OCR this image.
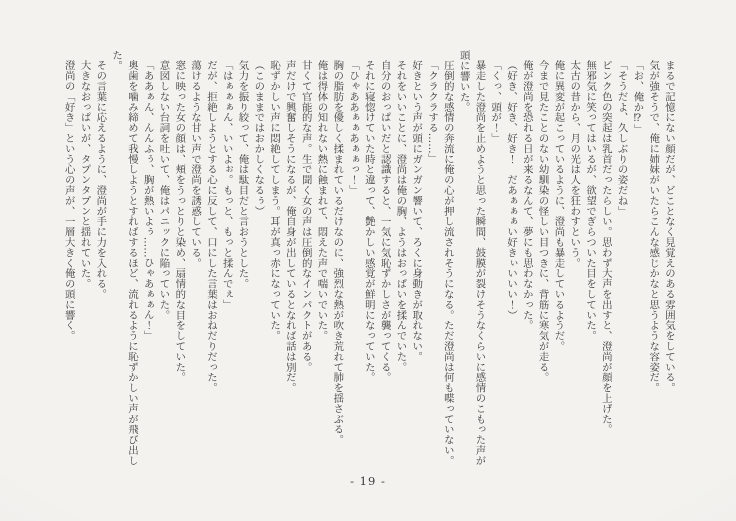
まるで記憶にない顔だが、どことなく見覚えのある雰囲気をしている。

気が強そうで、俺に姉妹がいたらこんな感じかなと思うような容姿だ。

「お、俺か⁉」

「そうだよ、久しぶりの姿だね」

ピンク色の突起は乳首だったらしい。思わず大声を出すと、澄尚が顔を上げた。

無邪気に笑ってはいるが、欲望でぎらついた目をしていた。

太古の昔から、月の光は人を狂わすという。

俺に異変が起こっているように、澄尚も暴走しているようだ。

今まで見たことのない幼馴染の怪しい目つきに、背筋に寒気が走る。

俺が澄尚を恐れる日が来るなんて、夢にも思わなかった。

（好き、好き、好き！　だあぁぁぁい好きぃいいい！）

「くっ、頭が！」

暴走した澄尚を止めようと思った瞬間、鼓膜が裂けそうなくらいに感情のこもった声が頭に響いた。

圧倒的な感情の奔流に俺の心が押し流されそうになる。ただ澄尚は何も喋っていない。

「クラクラする……」

好きという声が頭にガンガン響いて、ろくに身動きが取れない。

それをいいことに、澄尚は俺の胸、ようはおっぱいを揉んでいた。

自分のおっぱいだと認識すると、一気に気恥ずかしさが襲ってくる。

それに寝惚けていた時と違って、艶かしい感覚が鮮明になっていた。

「ひゃああぁぁあぁぁっ！」

胸の脂肪を優しく揉まれているだけなのに、強烈な熱が吹き荒れて肺を揺さぶる。

俺は得体の知れない熱に蝕まれて、悶えた声で喘いでいた。

甘くて官能的な声。生で聞く女の声は圧倒的なインパクトがある。

声だけで興奮しそうになるが、俺自身が出しているとなれば話は別だ。

恥ずかしい声に悶絶してしまう。耳が真っ赤になっていた。

（このままではおかしくなるぅ）

気力を振り絞って、俺は駄目だと言おうとした。

「はぁぁぁん、いいよぉ。もっと、もっと揉んでぇ」

だが、拒絶しようとする心に反して、口にした言葉はおねだりだった。

蕩けるような甘い声で澄尚を誘惑している。

窓に映った女の顔は、頬をうっとりと染め、扇情的な目をしていた。

意図しない台詞を吐いて、俺はパニックに陥っていた。

「ああぁん、んんふぅ、胸が熱いよぅ……ひゃあぁぁん！」

奥歯を噛み締めて我慢しようとすればするほど、流れるように恥ずかしい声が飛び出した。

その言葉に応えるように、澄尚が手に力を入れる。

大きなおっぱいが、タプンタプンと揺れていた。

澄尚の「好き」という心の声が、一層大きく俺の頭に響く。

- 19 -
